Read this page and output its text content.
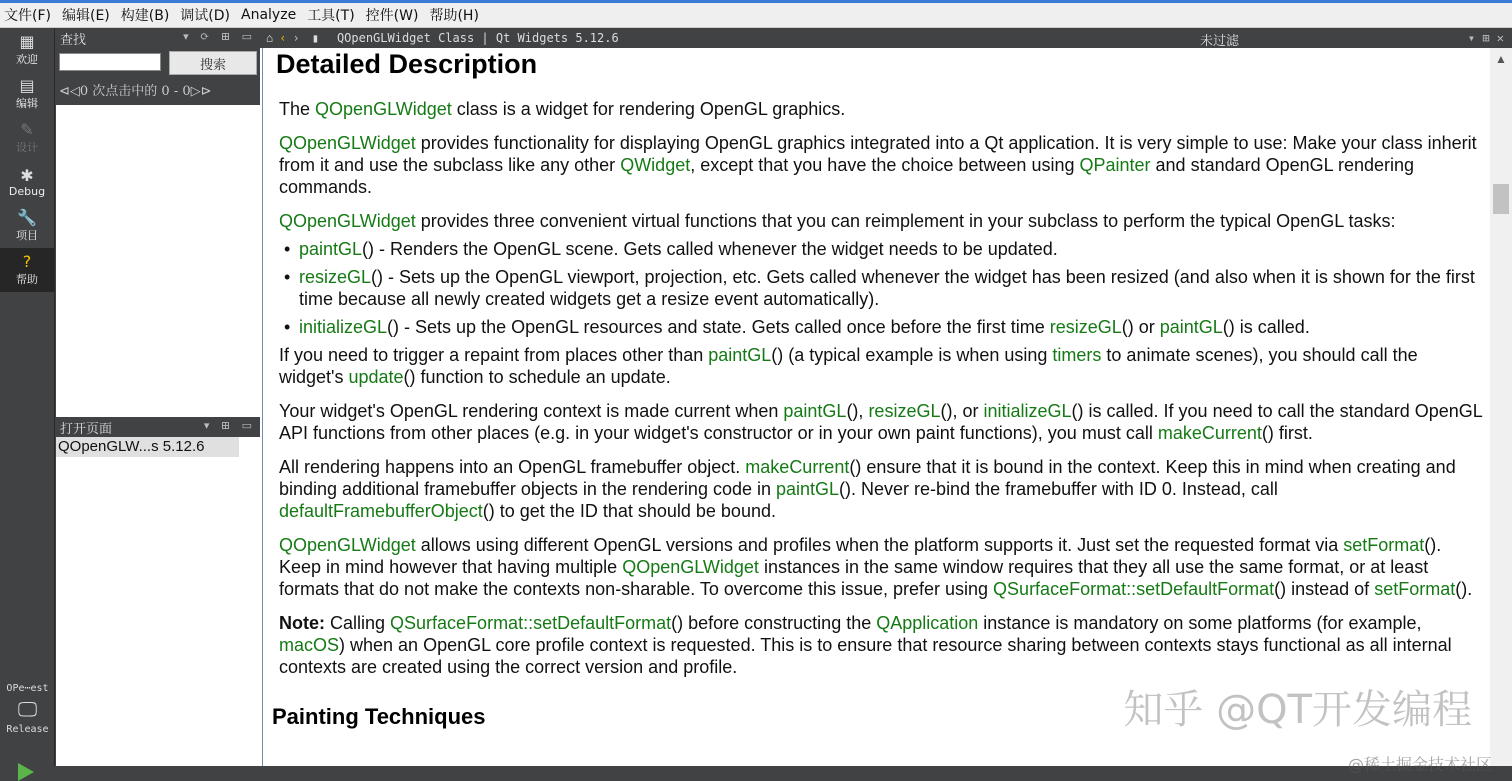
文件(F) 编辑(E) 构建(B) 调试(D) Analyze 工具(T) 控件(W) 帮助(H)
▦
欢迎
▤
编辑
✎
设计
✱
Debug
🔧
项目
?
帮助
OPe⋯est
🖵
Release
查找	▾ ⟳ ⊞ ▭
搜索
⊲◁0 次点击中的 0 - 0▷⊳
打开页面	▾ ⊞ ▭
QOpenGLW...s 5.12.6
⌂‹› ▮ QOpenGLWidget Class | Qt Widgets 5.12.6	未过滤	▾ ⊞ ✕
Detailed Description

The QOpenGLWidget class is a widget for rendering OpenGL graphics.

QOpenGLWidget provides functionality for displaying OpenGL graphics integrated into a Qt application. It is very simple to use: Make your class inherit from it and use the subclass like any other QWidget, except that you have the choice between using QPainter and standard OpenGL rendering commands.

QOpenGLWidget provides three convenient virtual functions that you can reimplement in your subclass to perform the typical OpenGL tasks:

• paintGL() - Renders the OpenGL scene. Gets called whenever the widget needs to be updated.
• resizeGL() - Sets up the OpenGL viewport, projection, etc. Gets called whenever the widget has been resized (and also when it is shown for the first time because all newly created widgets get a resize event automatically).
• initializeGL() - Sets up the OpenGL resources and state. Gets called once before the first time resizeGL() or paintGL() is called.

If you need to trigger a repaint from places other than paintGL() (a typical example is when using timers to animate scenes), you should call the widget's update() function to schedule an update.

Your widget's OpenGL rendering context is made current when paintGL(), resizeGL(), or initializeGL() is called. If you need to call the standard OpenGL API functions from other places (e.g. in your widget's constructor or in your own paint functions), you must call makeCurrent() first.

All rendering happens into an OpenGL framebuffer object. makeCurrent() ensure that it is bound in the context. Keep this in mind when creating and binding additional framebuffer objects in the rendering code in paintGL(). Never re-bind the framebuffer with ID 0. Instead, call defaultFramebufferObject() to get the ID that should be bound.

QOpenGLWidget allows using different OpenGL versions and profiles when the platform supports it. Just set the requested format via setFormat(). Keep in mind however that having multiple QOpenGLWidget instances in the same window requires that they all use the same format, or at least formats that do not make the contexts non-sharable. To overcome this issue, prefer using QSurfaceFormat::setDefaultFormat() instead of setFormat().

Note: Calling QSurfaceFormat::setDefaultFormat() before constructing the QApplication instance is mandatory on some platforms (for example, macOS) when an OpenGL core profile context is requested. This is to ensure that resource sharing between contexts stays functional as all internal contexts are created using the correct version and profile.

Painting Techniques
▲
知乎 @QT开发编程
@稀土掘金技术社区
